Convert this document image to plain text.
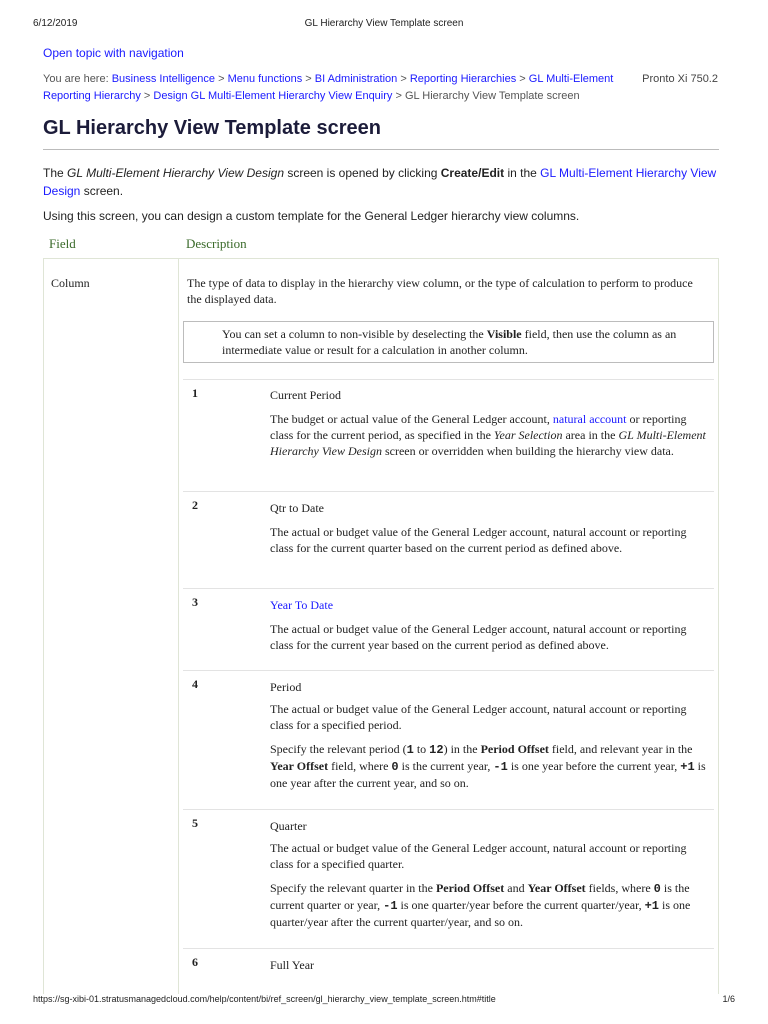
6/12/2019	GL Hierarchy View Template screen
Open topic with navigation
You are here: Business Intelligence > Menu functions > BI Administration > Reporting Hierarchies > GL Multi-Element Reporting Hierarchy > Design GL Multi-Element Hierarchy View Enquiry > GL Hierarchy View Template screen
Pronto Xi 750.2
GL Hierarchy View Template screen

The GL Multi-Element Hierarchy View Design screen is opened by clicking Create/Edit in the GL Multi-Element Hierarchy View Design screen.

Using this screen, you can design a custom template for the General Ledger hierarchy view columns.

Field	Description
Column	The type of data to display in the hierarchy view column, or the type of calculation to perform to produce the displayed data.
You can set a column to non-visible by deselecting the Visible field, then use the column as an intermediate value or result for a calculation in another column.
1	Current Period
The budget or actual value of the General Ledger account, natural account or reporting class for the current period, as specified in the Year Selection area in the GL Multi-Element Hierarchy View Design screen or overridden when building the hierarchy view data.
2	Qtr to Date
The actual or budget value of the General Ledger account, natural account or reporting class for the current quarter based on the current period as defined above.
3	Year To Date
The actual or budget value of the General Ledger account, natural account or reporting class for the current year based on the current period as defined above.
4	Period
The actual or budget value of the General Ledger account, natural account or reporting class for a specified period.
Specify the relevant period (1 to 12) in the Period Offset field, and relevant year in the Year Offset field, where 0 is the current year, -1 is one year before the current year, +1 is one year after the current year, and so on.
5	Quarter
The actual or budget value of the General Ledger account, natural account or reporting class for a specified quarter.
Specify the relevant quarter in the Period Offset and Year Offset fields, where 0 is the current quarter or year, -1 is one quarter/year before the current quarter/year, +1 is one quarter/year after the current quarter/year, and so on.
6	Full Year
https://sg-xibi-01.stratusmanagedcloud.com/help/content/bi/ref_screen/gl_hierarchy_view_template_screen.htm#title	1/6
